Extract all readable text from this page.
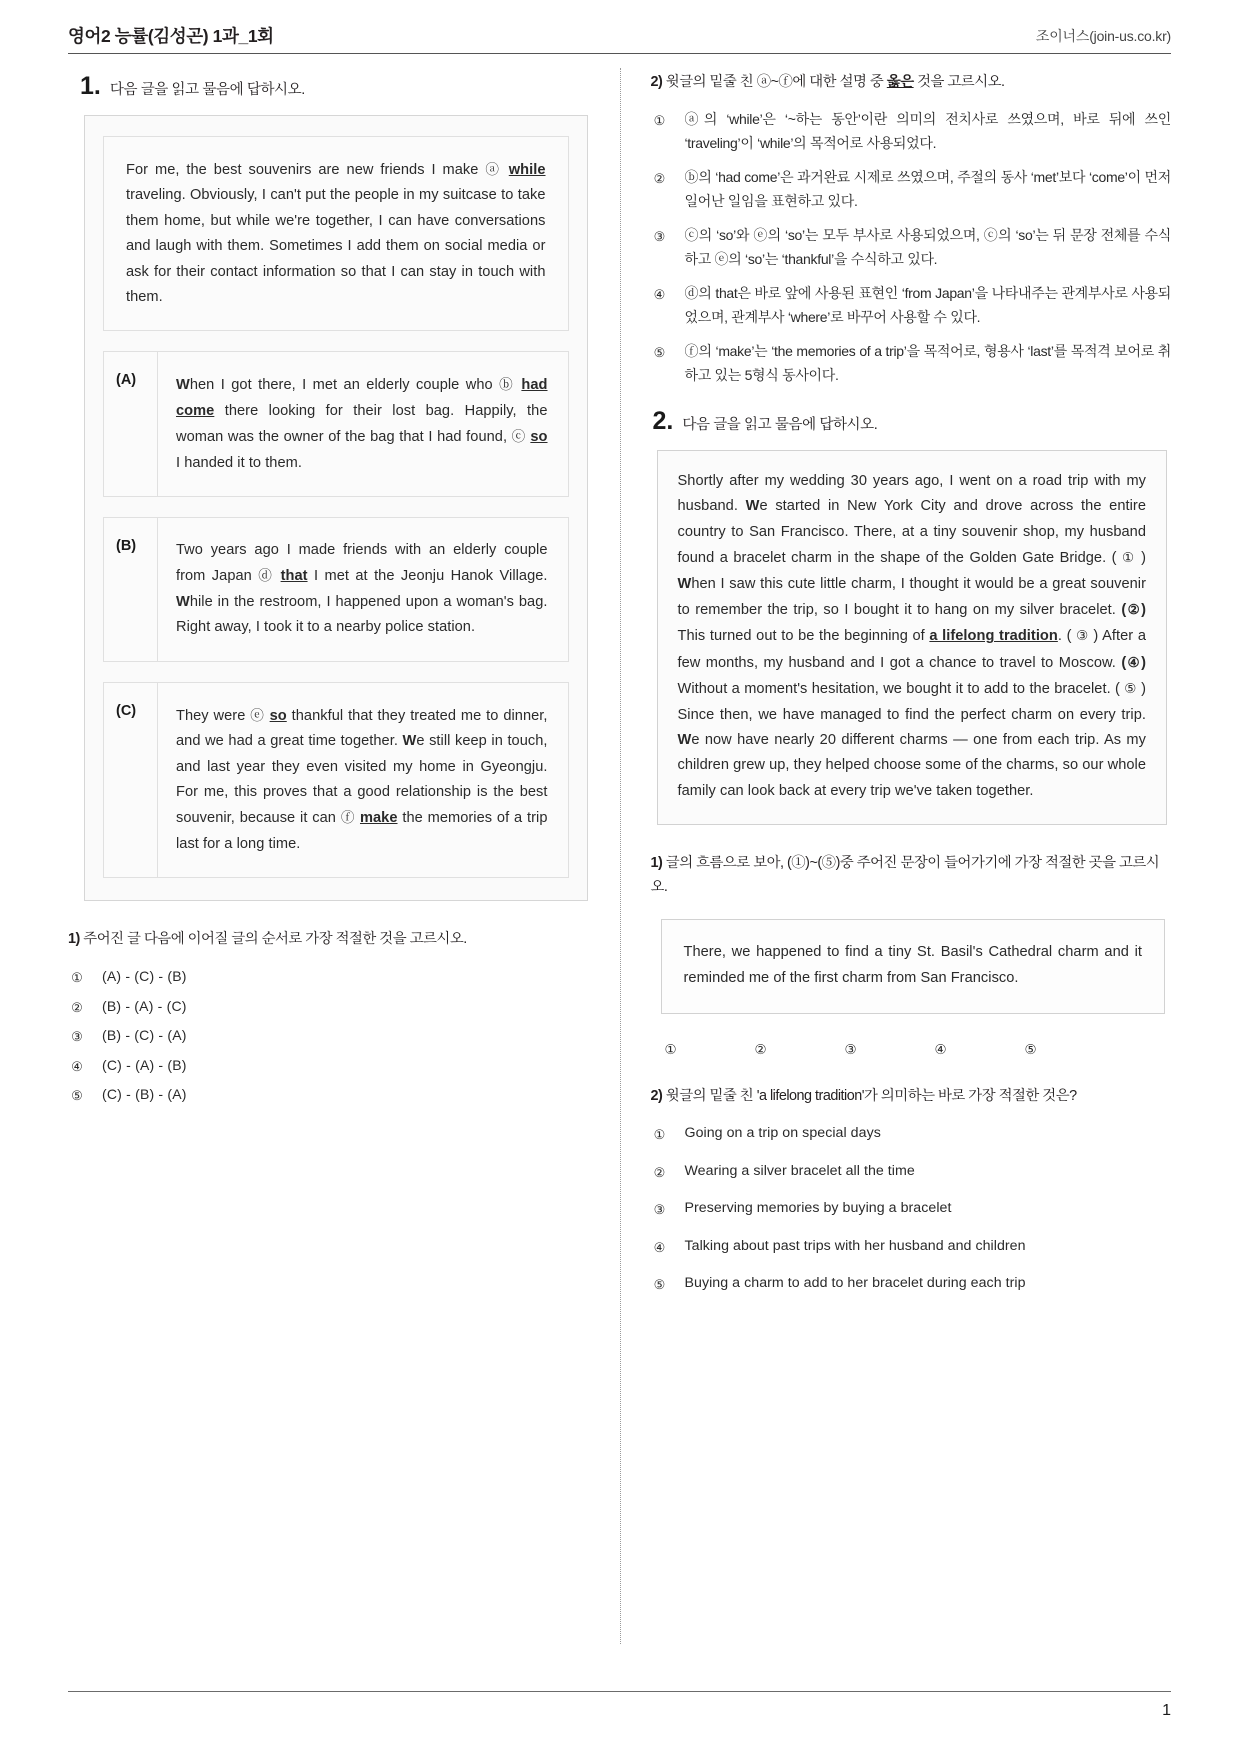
영어2 능률(김성곤) 1과_1회	조이너스(join-us.co.kr)
1. 다음 글을 읽고 물음에 답하시오.
For me, the best souvenirs are new friends I make ⓐ while traveling. Obviously, I can't put the people in my suitcase to take them home, but while we're together, I can have conversations and laugh with them. Sometimes I add them on social media or ask for their contact information so that I can stay in touch with them.
(A)	When I got there, I met an elderly couple who ⓑ had come there looking for their lost bag. Happily, the woman was the owner of the bag that I had found, ⓒ so I handed it to them.
(B)	Two years ago I made friends with an elderly couple from Japan ⓓ that I met at the Jeonju Hanok Village. While in the restroom, I happened upon a woman's bag. Right away, I took it to a nearby police station.
(C)	They were ⓔ so thankful that they treated me to dinner, and we had a great time together. We still keep in touch, and last year they even visited my home in Gyeongju. For me, this proves that a good relationship is the best souvenir, because it can ⓕ make the memories of a trip last for a long time.
1) 주어진 글 다음에 이어질 글의 순서로 가장 적절한 것을 고르시오.
① (A) - (C) - (B)
② (B) - (A) - (C)
③ (B) - (C) - (A)
④ (C) - (A) - (B)
⑤ (C) - (B) - (A)
2) 윗글의 밑줄 친 ⓐ~ⓕ에 대한 설명 중 옳은 것을 고르시오.
① ⓐ의 ‘while’은 ‘~하는 동안’이란 의미의 전치사로 쓰였으며, 바로 뒤에 쓰인 ‘traveling’이 ‘while’의 목적어로 사용되었다.
② ⓑ의 ‘had come’은 과거완료 시제로 쓰였으며, 주절의 동사 ‘met’보다 ‘come’이 먼저 일어난 일임을 표현하고 있다.
③ ⓒ의 ‘so’와 ⓔ의 ‘so’는 모두 부사로 사용되었으며, ⓒ의 ‘so’는 뒤 문장 전체를 수식하고 ⓔ의 ‘so’는 ‘thankful’을 수식하고 있다.
④ ⓓ의 that은 바로 앞에 사용된 표현인 ‘from Japan’을 나타내주는 관계부사로 사용되었으며, 관계부사 ‘where’로 바꾸어 사용할 수 있다.
⑤ ⓕ의 ‘make’는 ‘the memories of a trip’을 목적어로, 형용사 ‘last’를 목적격 보어로 취하고 있는 5형식 동사이다.
2. 다음 글을 읽고 물음에 답하시오.
Shortly after my wedding 30 years ago, I went on a road trip with my husband. We started in New York City and drove across the entire country to San Francisco. There, at a tiny souvenir shop, my husband found a bracelet charm in the shape of the Golden Gate Bridge. ( ① ) When I saw this cute little charm, I thought it would be a great souvenir to remember the trip, so I bought it to hang on my silver bracelet. (②) This turned out to be the beginning of a lifelong tradition. ( ③ ) After a few months, my husband and I got a chance to travel to Moscow. (④) Without a moment's hesitation, we bought it to add to the bracelet. ( ⑤ ) Since then, we have managed to find the perfect charm on every trip. We now have nearly 20 different charms — one from each trip. As my children grew up, they helped choose some of the charms, so our whole family can look back at every trip we've taken together.
1) 글의 흐름으로 보아, (①)~(⑤)중 주어진 문장이 들어가기에 가장 적절한 곳을 고르시오.
There, we happened to find a tiny St. Basil's Cathedral charm and it reminded me of the first charm from San Francisco.
①	②	③	④	⑤
2) 윗글의 밑줄 친 'a lifelong tradition'가 의미하는 바로 가장 적절한 것은?
① Going on a trip on special days
② Wearing a silver bracelet all the time
③ Preserving memories by buying a bracelet
④ Talking about past trips with her husband and children
⑤ Buying a charm to add to her bracelet during each trip
1
